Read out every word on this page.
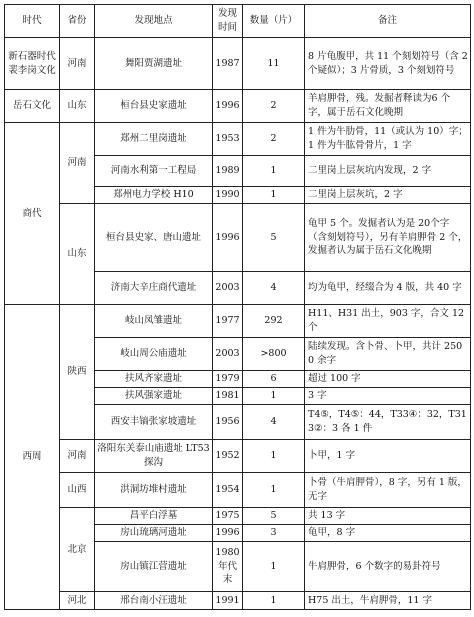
时代	省份	发现地点	发现时间	数量（片）	备注
新石器时代裴李岗文化	河南	舞阳贾湖遗址	1987	11	8 片龟腹甲，共 11 个刻划符号（含 2 个疑似）；3 片骨质，3 个刻划符号
岳石文化	山东	桓台县史家遗址	1996	2	羊肩胛骨，残。发掘者释读为6 个字，属于岳石文化晚期
商代	河南	郑州二里岗遗址	1953	2	1 件为牛肋骨，11（或认为 10）字；1 件为牛肱骨骨片，1 字
		河南水利第一工程局	1989	1	二里岗上层灰坑内发现，2 字
		郑州电力学校 H10	1990	1	二里岗上层灰坑，2 字
	山东	桓台县史家、唐山遗址	1996	5	龟甲 5 个。发掘者认为是 20个字（含刻划符号），另有羊肩胛骨 2 个，发掘者认为属于岳石文化晚期
		济南大辛庄商代遗址	2003	4	均为龟甲，经缀合为 4 版，共 40 字
西周	陕西	岐山凤雏遗址	1977	292	H11、H31 出土，903 字，合文 12 个
		岐山周公庙遗址	2003	>800	陆续发现。含卜骨、卜甲，共计 2500 余字
		扶风齐家遗址	1979	6	超过 100 字
		扶风强家遗址	1981	1	3 字
		西安丰镐张家坡遗址	1956	4	T4⑤，T4⑤：44，T33④：32，T313②：3 各 1 件
	河南	洛阳东关泰山庙遗址 LT53 探沟	1952	1	卜甲，1 字
	山西	洪洞坊堆村遗址	1954	1	卜骨（牛肩胛骨），8 字，另有 1 版，无字
	北京	昌平白浮墓	1975	5	共 13 字
		房山琉璃河遗址	1996	3	龟甲，8 字
		房山镇江营遗址	1980 年代末	1	牛肩胛骨，6 个数字的易卦符号
	河北	邢台南小汪遗址	1991	1	H75 出土，牛肩胛骨，11 字
